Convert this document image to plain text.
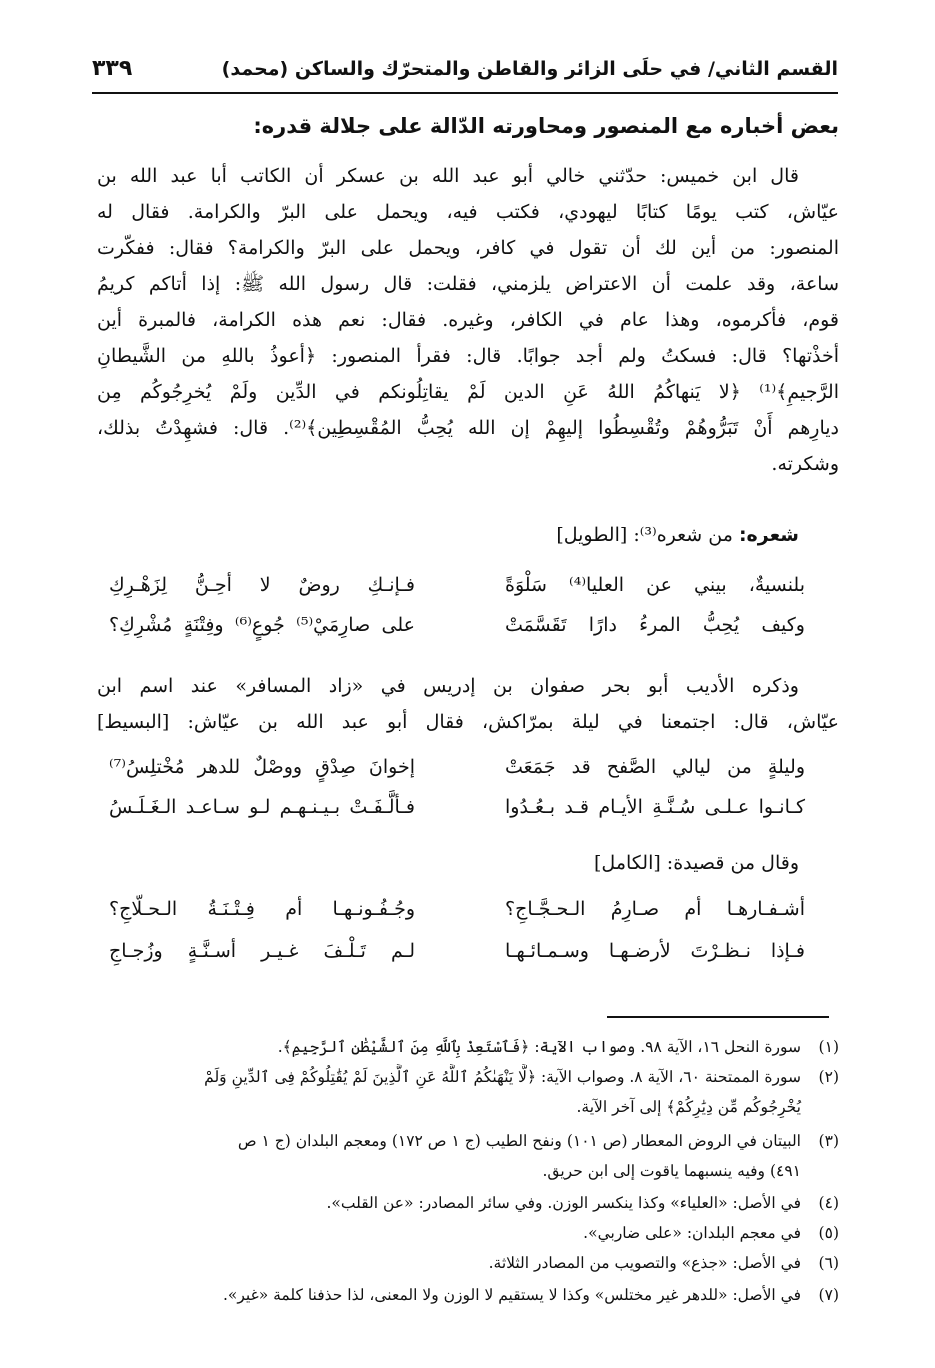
القسم الثاني/ في حلَى الزائر والقاطن والمتحرّك والساكن (محمد)
٣٣٩
بعض أخباره مع المنصور ومحاورته الدّالة على جلالة قدره:
قال ابن خميس: حدّثني خالي أبو عبد الله بن عسكر أن الكاتب أبا عبد الله بن
عيّاش، كتب يومًا كتابًا ليهودي، فكتب فيه، ويحمل على البرّ والكرامة. فقال له
المنصور: من أين لك أن تقول في كافر، ويحمل على البرّ والكرامة؟ فقال: ففكّرت
ساعة، وقد علمت أن الاعتراض يلزمني، فقلت: قال رسول الله ﷺ: إذا أتاكم كريمُ
قوم، فأكرموه، وهذا عام في الكافر، وغيره. فقال: نعم هذه الكرامة، فالمبرة أين
أخذْتها؟ قال: فسكتُ ولم أجد جوابًا. قال: فقرأ المنصور: ﴿أعوذُ باللهِ من الشَّيطانِ
الرَّجيمِ﴾⁽¹⁾ ﴿لا يَنهاكُمُ اللهُ عَنِ الدين لَمْ يقاتِلُونكم في الدِّين ولَمْ يُخرِجُوكُم مِن
ديارِهم أَنْ تَبَرُّوهُمْ وتُقْسِطُوا إليهِمْ إن الله يُحِبُّ المُقْسِطِين﴾⁽²⁾. قال: فشهِدْتُ بذلك،
وشكرته.
شعره: من شعره⁽³⁾: [الطويل]
بلنسيةٌ، بيني عن العليا⁽⁴⁾ سَلْوَةً
فـإنـكِ روضٌ لا أحِـنُّ لِزَهْـرِكِ
وكيف يُحِبُّ المرءُ دارًا تَقَسَّمَتْ
على صارِمَيْ⁽⁵⁾ جُوعٍ⁽⁶⁾ وفِتْنَةٍ مُشْرِكِ؟
وذكره الأديب أبو بحر صفوان بن إدريس في «زاد المسافر» عند اسم ابن
عيّاش، قال: اجتمعنا في ليلة بمرّاكش، فقال أبو عبد الله بن عيّاش: [البسيط]
وليلةٍ من ليالي الصَّفح قد جَمَعَتْ
إخوانَ صِدْقٍ ووصْلٌ للدهر مُخْتلِسُ⁽⁷⁾
كـانـوا عـلـى سُـنَّـةِ الأيـام قـد بـعُـدُوا
فـألَّـفَـتْ بـيـنـهـم لـو سـاعـد الـغَـلَـسُ
وقال من قصيدة: [الكامل]
أشـفـارهـا أم صـارِمُ الـحـجَّـاجِ؟
وجُـفُـونـهـا أم فِـتْـنَـةُ الـحـلّاجِ؟
فـإذا نـظـرْتَ لأرضـهـا وسـمـائـهـا
لـم تَـلْـفَ غـيـر أسـنَّـةٍ وزُجـاجِ
(١)سورة النحل ١٦، الآية ٩٨. وصواب الآية: ﴿فَٱسْتَعِذْ بِٱللَّهِ مِنَ ٱلشَّيْطَٰنِ ٱلرَّجِيمِ﴾.
(٢)سورة الممتحنة ٦٠، الآية ٨. وصواب الآية: ﴿لَّا يَنْهَىٰكُمُ ٱللَّهُ عَنِ ٱلَّذِينَ لَمْ يُقَٰتِلُوكُمْ فِى ٱلدِّينِ وَلَمْ
يُخْرِجُوكُم مِّن دِيَٰرِكُمْ﴾ إلى آخر الآية.
(٣)البيتان في الروض المعطار (ص ١٠١) ونفح الطيب (ج ١ ص ١٧٢) ومعجم البلدان (ج ١ ص
٤٩١) وفيه ينسبهما ياقوت إلى ابن حريق.
(٤)في الأصل: «العلياء» وكذا ينكسر الوزن. وفي سائر المصادر: «عن القلب».
(٥)في معجم البلدان: «على ضاربي».
(٦)في الأصل: «جذع» والتصويب من المصادر الثلاثة.
(٧)في الأصل: «للدهر غير مختلس» وكذا لا يستقيم لا الوزن ولا المعنى، لذا حذفنا كلمة «غير».
